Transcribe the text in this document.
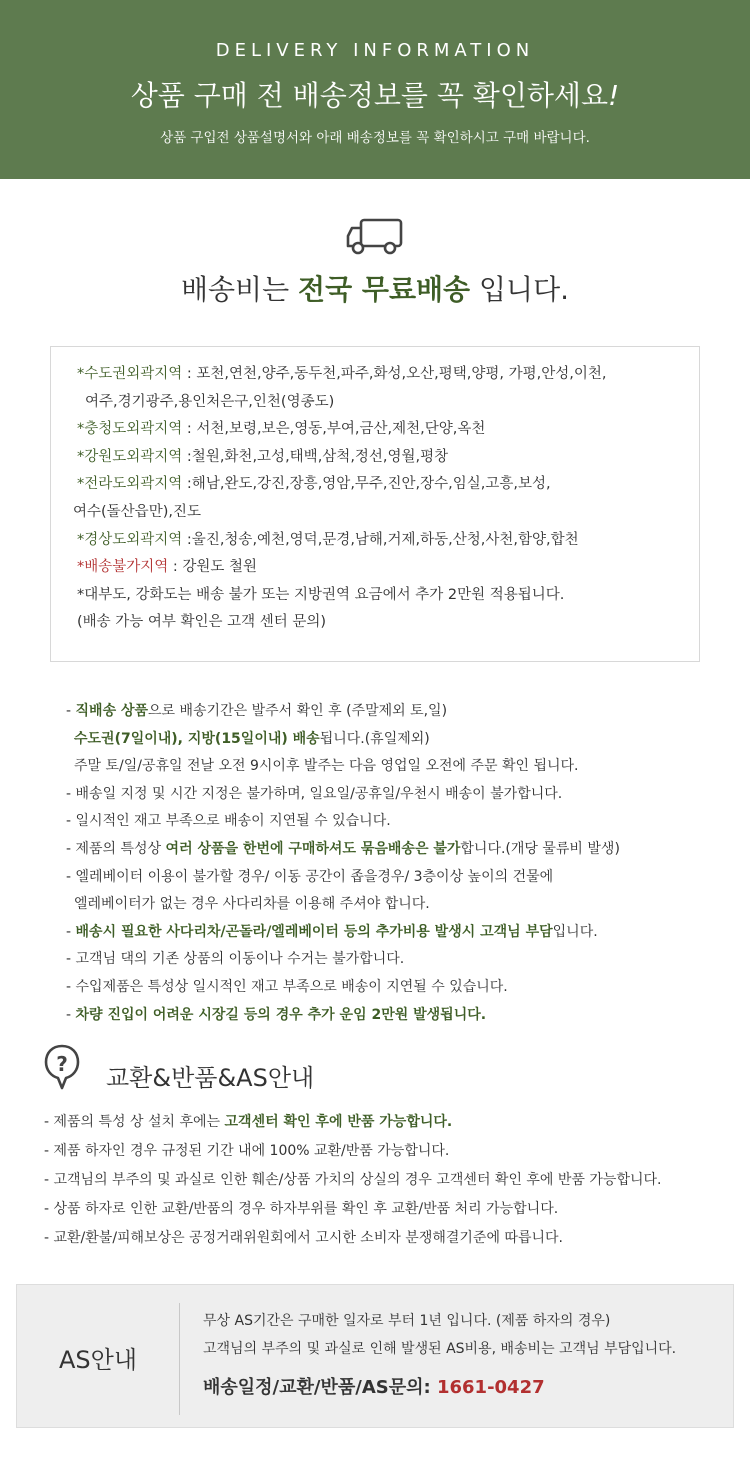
DELIVERY INFORMATION
상품 구매 전 배송정보를 꼭 확인하세요!
상품 구입전 상품설명서와 아래 배송정보를 꼭 확인하시고 구매 바랍니다.
배송비는 전국 무료배송 입니다.

*수도권외곽지역 : 포천,연천,양주,동두천,파주,화성,오산,평택,양평, 가평,안성,이천,

여주,경기광주,용인처은구,인천(영종도)

*충청도외곽지역 : 서천,보령,보은,영동,부여,금산,제천,단양,옥천

*강원도외곽지역 :철원,화천,고성,태백,삼척,정선,영월,평창

*전라도외곽지역 :해남,완도,강진,장흥,영암,무주,진안,장수,임실,고흥,보성,

여수(돌산읍만),진도

*경상도외곽지역 :울진,청송,예천,영덕,문경,남해,거제,하동,산청,사천,함양,합천

*배송불가지역 : 강원도 철원

*대부도, 강화도는 배송 불가 또는 지방권역 요금에서 추가 2만원 적용됩니다.

(배송 가능 여부 확인은 고객 센터 문의)

- 직배송 상품으로 배송기간은 발주서 확인 후 (주말제외 토,일)

수도권(7일이내), 지방(15일이내) 배송됩니다.(휴일제외)

주말 토/일/공휴일 전날 오전 9시이후 발주는 다음 영업일 오전에 주문 확인 됩니다.

- 배송일 지정 및 시간 지정은 불가하며, 일요일/공휴일/우천시 배송이 불가합니다.

- 일시적인 재고 부족으로 배송이 지연될 수 있습니다.

- 제품의 특성상 여러 상품을 한번에 구매하셔도 묶음배송은 불가합니다.(개당 물류비 발생)

- 엘레베이터 이용이 불가할 경우/ 이동 공간이 좁을경우/ 3층이상 높이의 건물에

엘레베이터가 없는 경우 사다리차를 이용해 주셔야 합니다.

- 배송시 필요한 사다리차/곤돌라/엘레베이터 등의 추가비용 발생시 고객님 부담입니다.

- 고객님 댁의 기존 상품의 이동이나 수거는 불가합니다.

- 수입제품은 특성상 일시적인 재고 부족으로 배송이 지연될 수 있습니다.

- 차량 진입이 어려운 시장길 등의 경우 추가 운임 2만원 발생됩니다.

? 교환&반품&AS안내

- 제품의 특성 상 설치 후에는 고객센터 확인 후에 반품 가능합니다.

- 제품 하자인 경우 규정된 기간 내에 100% 교환/반품 가능합니다.

- 고객님의 부주의 및 과실로 인한 훼손/상품 가치의 상실의 경우 고객센터 확인 후에 반품 가능합니다.

- 상품 하자로 인한 교환/반품의 경우 하자부위를 확인 후 교환/반품 처리 가능합니다.

- 교환/환불/피해보상은 공정거래위원회에서 고시한 소비자 분쟁해결기준에 따릅니다.

AS안내

무상 AS기간은 구매한 일자로 부터 1년 입니다. (제품 하자의 경우)

고객님의 부주의 및 과실로 인해 발생된 AS비용, 배송비는 고객님 부담입니다.

배송일정/교환/반품/AS문의: 1661-0427
